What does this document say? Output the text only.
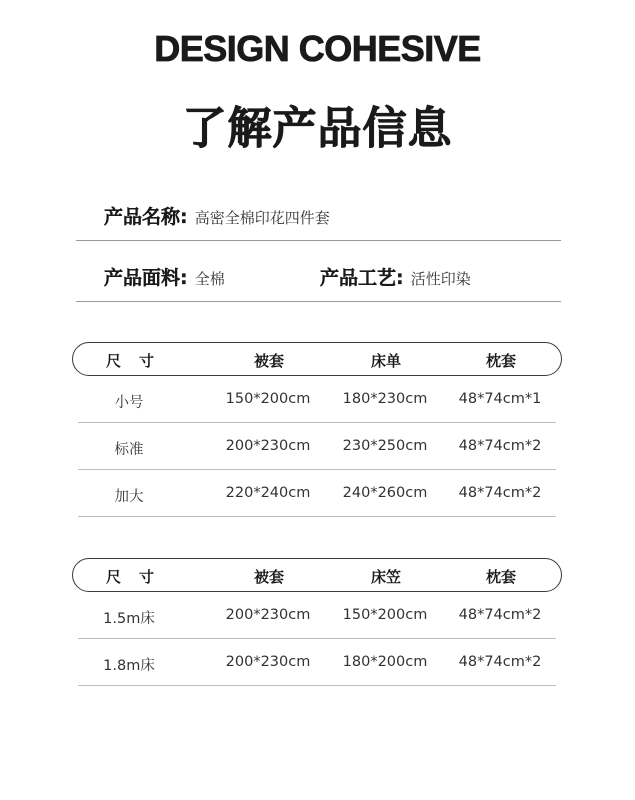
DESIGN COHESIVE
了解产品信息
产品名称: 高密全棉印花四件套
产品面料: 全棉	产品工艺: 活性印染
尺寸	被套	床单	枕套
小号	150*200cm 180*230cm 48*74cm*1
标准	200*230cm 230*250cm 48*74cm*2
加大	220*240cm 240*260cm 48*74cm*2
尺寸	被套	床笠	枕套
1.5m床	200*230cm 150*200cm 48*74cm*2
1.8m床	200*230cm 180*200cm 48*74cm*2
